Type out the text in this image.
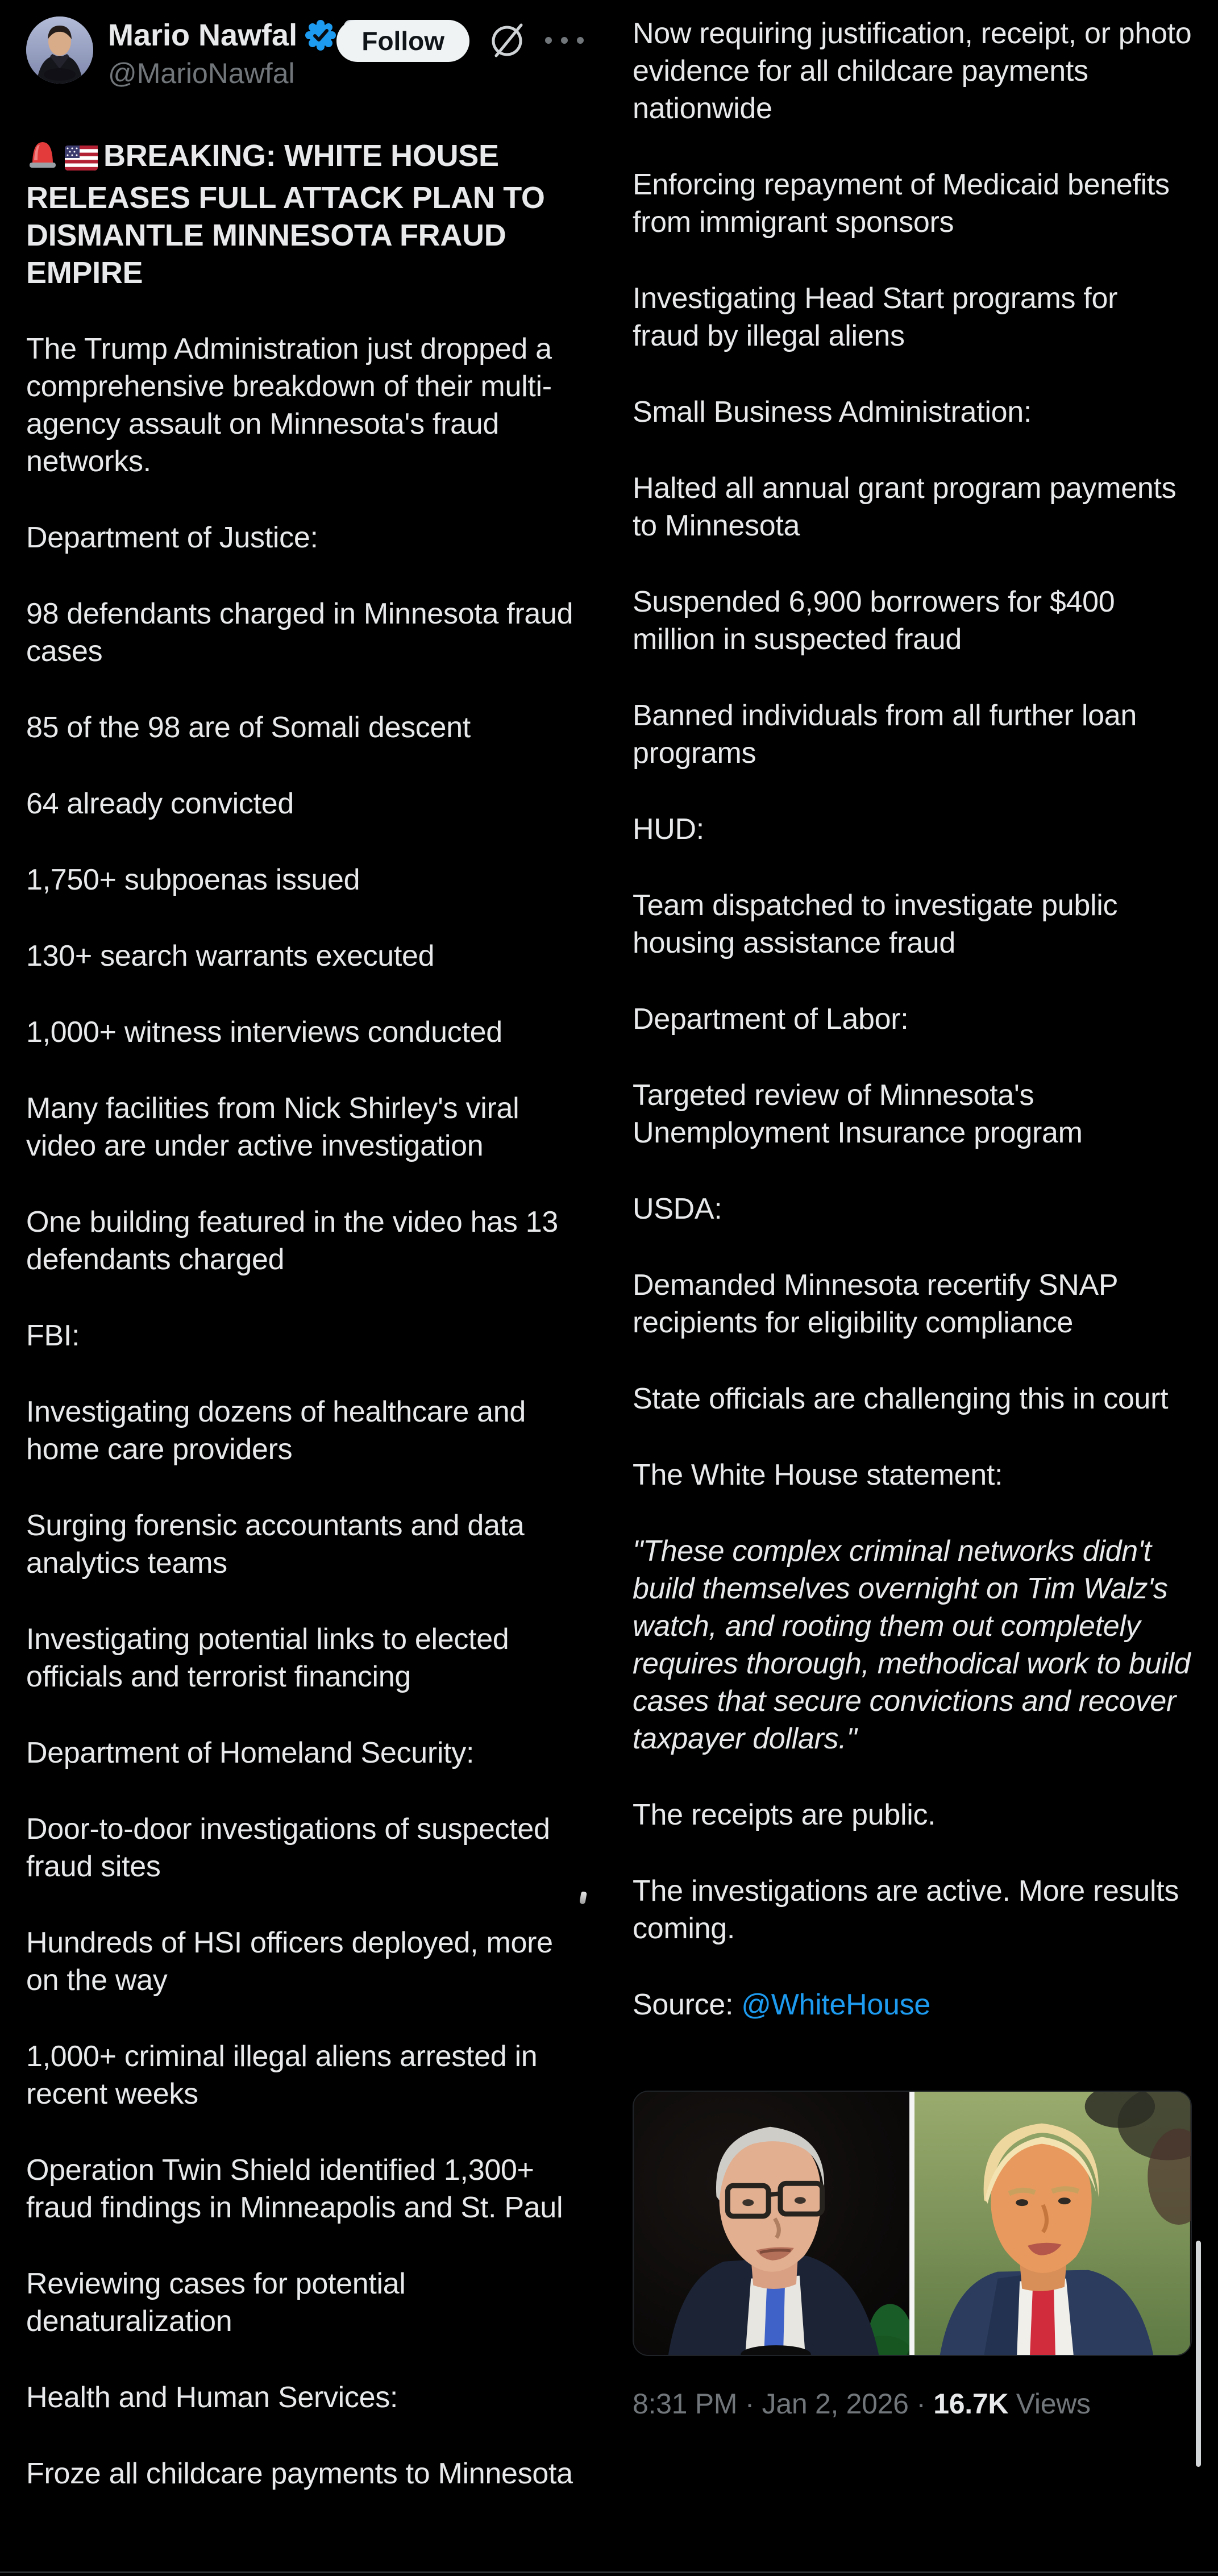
Mario Nawfal
@MarioNawfal
Follow

BREAKING: WHITE HOUSE RELEASES FULL ATTACK PLAN TO DISMANTLE MINNESOTA FRAUD EMPIRE

The Trump Administration just dropped a comprehensive breakdown of their multi-agency assault on Minnesota's fraud networks.

Department of Justice:

98 defendants charged in Minnesota fraud cases

85 of the 98 are of Somali descent

64 already convicted

1,750+ subpoenas issued

130+ search warrants executed

1,000+ witness interviews conducted

Many facilities from Nick Shirley's viral video are under active investigation

One building featured in the video has 13 defendants charged

FBI:

Investigating dozens of healthcare and home care providers

Surging forensic accountants and data analytics teams

Investigating potential links to elected officials and terrorist financing

Department of Homeland Security:

Door-to-door investigations of suspected fraud sites

Hundreds of HSI officers deployed, more on the way

1,000+ criminal illegal aliens arrested in recent weeks

Operation Twin Shield identified 1,300+ fraud findings in Minneapolis and St. Paul

Reviewing cases for potential denaturalization

Health and Human Services:

Froze all childcare payments to Minnesota

Now requiring justification, receipt, or photo evidence for all childcare payments nationwide

Enforcing repayment of Medicaid benefits from immigrant sponsors

Investigating Head Start programs for fraud by illegal aliens

Small Business Administration:

Halted all annual grant program payments to Minnesota

Suspended 6,900 borrowers for $400 million in suspected fraud

Banned individuals from all further loan programs

HUD:

Team dispatched to investigate public housing assistance fraud

Department of Labor:

Targeted review of Minnesota's Unemployment Insurance program

USDA:

Demanded Minnesota recertify SNAP recipients for eligibility compliance

State officials are challenging this in court

The White House statement:

"These complex criminal networks didn't build themselves overnight on Tim Walz's watch, and rooting them out completely requires thorough, methodical work to build cases that secure convictions and recover taxpayer dollars."

The receipts are public.

The investigations are active. More results coming.

Source: @WhiteHouse

8:31 PM · Jan 2, 2026 · 16.7K Views
